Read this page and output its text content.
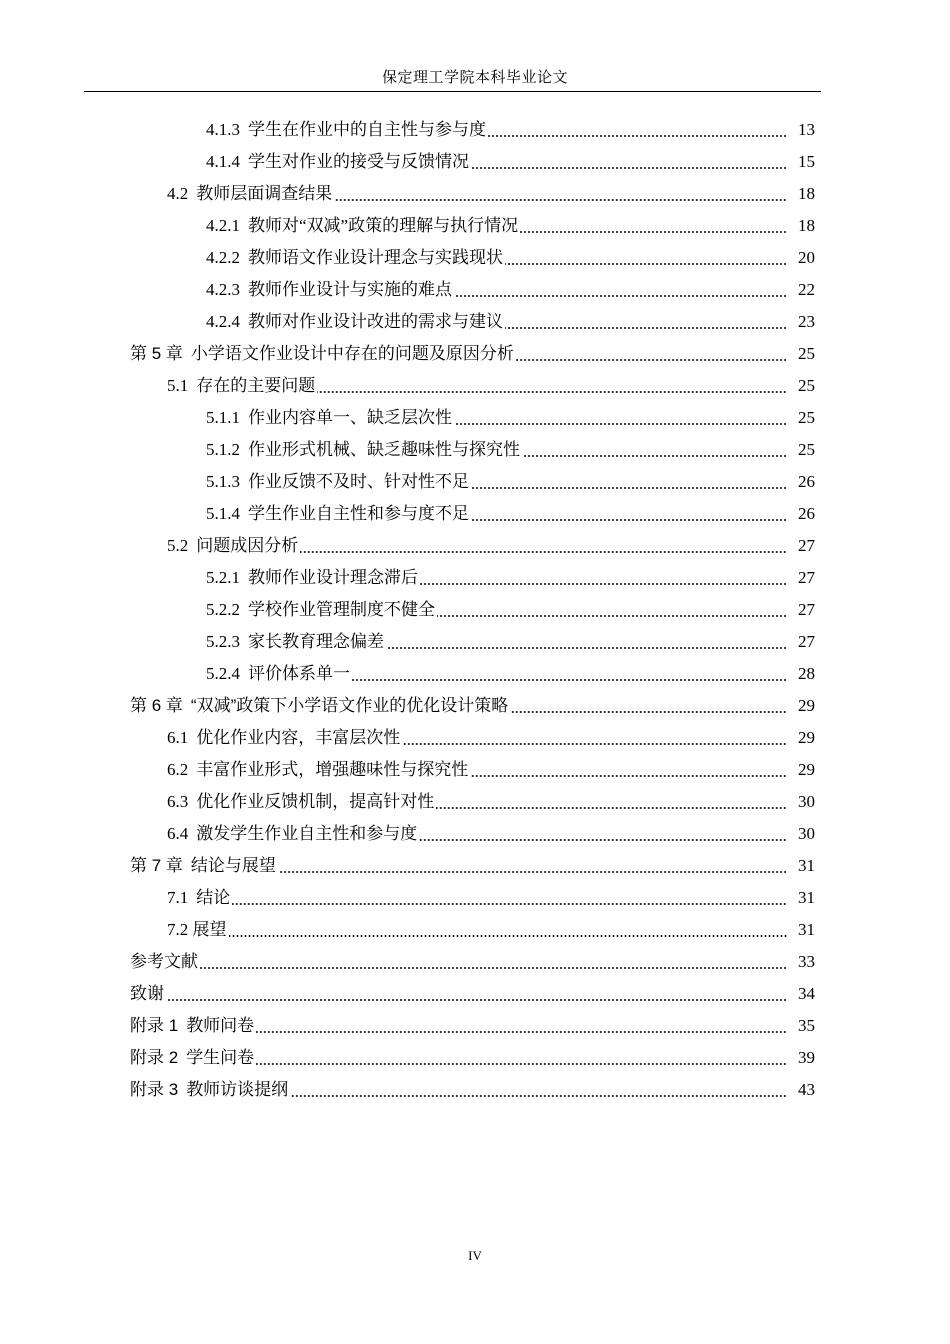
保定理工学院本科毕业论文
4.1.3 学生在作业中的自主性与参与度	13
4.1.4 学生对作业的接受与反馈情况	15
4.2 教师层面调查结果	18
4.2.1 教师对“双减”政策的理解与执行情况	18
4.2.2 教师语文作业设计理念与实践现状	20
4.2.3 教师作业设计与实施的难点	22
4.2.4 教师对作业设计改进的需求与建议	23
第 5 章 小学语文作业设计中存在的问题及原因分析	25
5.1 存在的主要问题	25
5.1.1 作业内容单一、缺乏层次性	25
5.1.2 作业形式机械、缺乏趣味性与探究性	25
5.1.3 作业反馈不及时、针对性不足	26
5.1.4 学生作业自主性和参与度不足	26
5.2 问题成因分析	27
5.2.1 教师作业设计理念滞后	27
5.2.2 学校作业管理制度不健全	27
5.2.3 家长教育理念偏差	27
5.2.4 评价体系单一	28
第 6 章 “双减”政策下小学语文作业的优化设计策略	29
6.1 优化作业内容，丰富层次性	29
6.2 丰富作业形式，增强趣味性与探究性	29
6.3 优化作业反馈机制，提高针对性	30
6.4 激发学生作业自主性和参与度	30
第 7 章 结论与展望	31
7.1 结论	31
7.2 展望	31
参考文献	33
致谢	34
附录 1 教师问卷	35
附录 2 学生问卷	39
附录 3 教师访谈提纲	43
IV
